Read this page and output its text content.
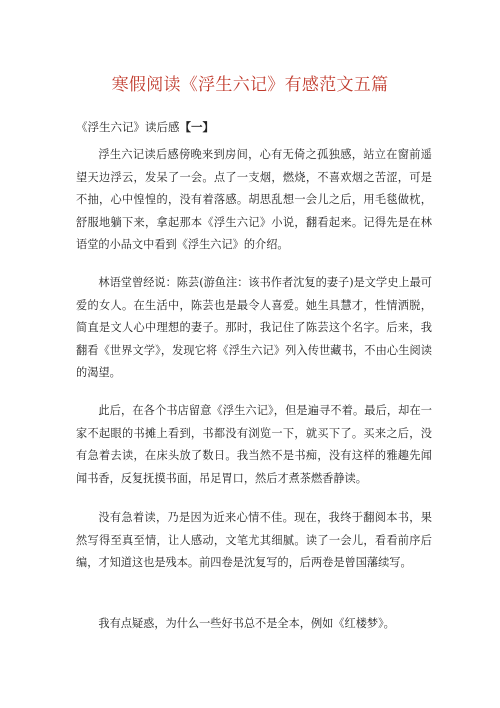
寒假阅读《浮生六记》有感范文五篇
《浮生六记》读后感【一】

浮生六记读后感傍晚来到房间，心有无倚之孤独感，站立在窗前遥望天边浮云，发呆了一会。点了一支烟，燃烧，不喜欢烟之苦涩，可是不抽，心中惶惶的，没有着落感。胡思乱想一会儿之后，用毛毯做枕，舒服地躺下来，拿起那本《浮生六记》小说，翻看起来。记得先是在林语堂的小品文中看到《浮生六记》的介绍。

林语堂曾经说：陈芸(游鱼注：该书作者沈复的妻子)是文学史上最可爱的女人。在生活中，陈芸也是最令人喜爱。她生具慧才，性情洒脱，简直是文人心中理想的妻子。那时，我记住了陈芸这个名字。后来，我翻看《世界文学》，发现它将《浮生六记》列入传世藏书，不由心生阅读的渴望。

此后，在各个书店留意《浮生六记》，但是遍寻不着。最后，却在一家不起眼的书摊上看到，书都没有浏览一下，就买下了。买来之后，没有急着去读，在床头放了数日。我当然不是书痴，没有这样的雅趣先闻闻书香，反复抚摸书面，吊足胃口，然后才煮茶燃香静读。

没有急着读，乃是因为近来心情不佳。现在，我终于翻阅本书，果然写得至真至情，让人感动，文笔尤其细腻。读了一会儿，看看前序后编，才知道这也是残本。前四卷是沈复写的，后两卷是曾国藩续写。

我有点疑惑，为什么一些好书总不是全本，例如《红楼梦》。
